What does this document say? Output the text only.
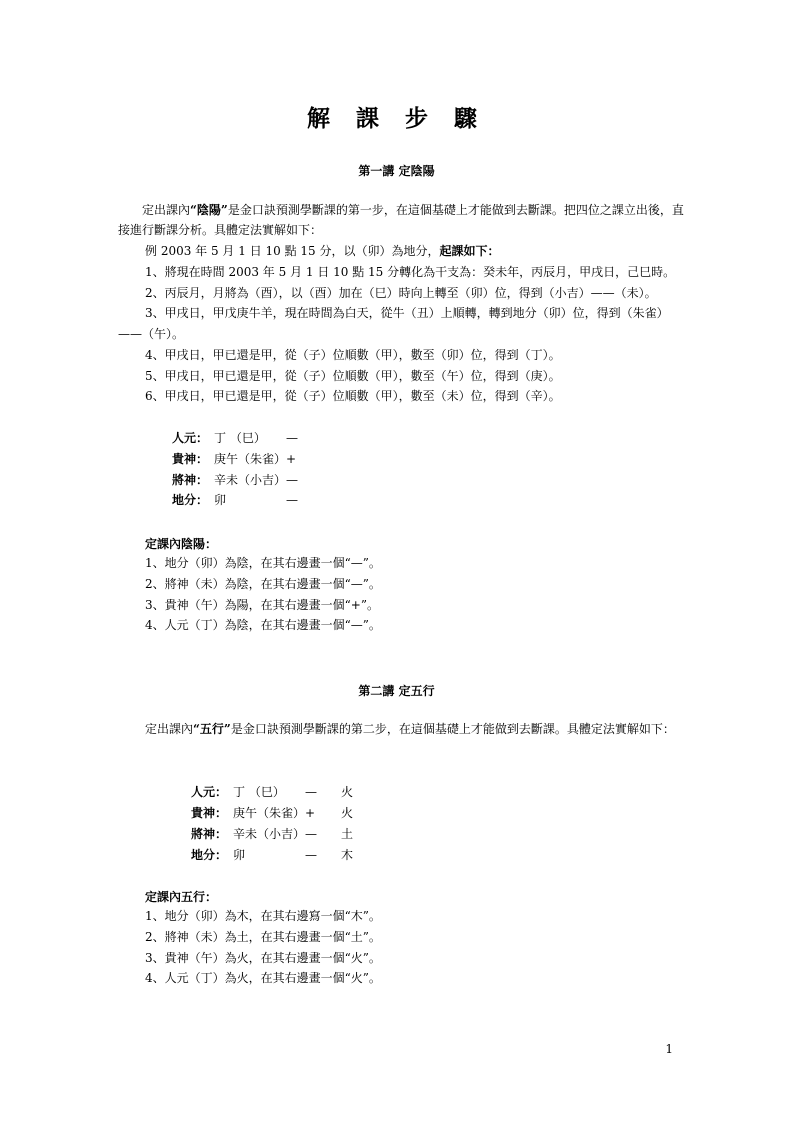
解 課 步 驟
第一講 定陰陽
定出課內“陰陽”是金口訣預測學斷課的第一步，在這個基礎上才能做到去斷課。把四位之課立出後，直接進行斷課分析。具體定法實解如下：
例 2003 年 5 月 1 日 10 點 15 分，以（卯）為地分，起課如下：
1、將現在時間 2003 年 5 月 1 日 10 點 15 分轉化為干支為：癸未年，丙辰月，甲戌日，己巳時。
2、丙辰月，月將為（酉），以（酉）加在（巳）時向上轉至（卯）位，得到（小吉）——（未）。
3、甲戌日，甲戊庚牛羊，現在時間為白天，從牛（丑）上順轉，轉到地分（卯）位，得到（朱雀）
——（午）。
4、甲戌日，甲已還是甲，從（子）位順數（甲），數至（卯）位，得到（丁）。
5、甲戌日，甲已還是甲，從（子）位順數（甲），數至（午）位，得到（庚）。
6、甲戌日，甲已還是甲，從（子）位順數（甲），數至（未）位，得到（辛）。
人元： 丁 （巳） —
貴神： 庚午（朱雀） +
將神： 辛未（小吉） —
地分： 卯	—
定課內陰陽：
1、地分（卯）為陰，在其右邊畫一個“—”。
2、將神（未）為陰，在其右邊畫一個“—”。
3、貴神（午）為陽，在其右邊畫一個“+”。
4、人元（丁）為陰，在其右邊畫一個“—”。
第二講 定五行
定出課內“五行”是金口訣預測學斷課的第二步，在這個基礎上才能做到去斷課。具體定法實解如下：
人元： 丁 （巳） — 火
貴神： 庚午（朱雀） + 火
將神： 辛未（小吉） — 土
地分： 卯	— 木
定課內五行：
1、地分（卯）為木，在其右邊寫一個“木”。
2、將神（未）為土，在其右邊畫一個“土”。
3、貴神（午）為火，在其右邊畫一個“火”。
4、人元（丁）為火，在其右邊畫一個“火”。
1
